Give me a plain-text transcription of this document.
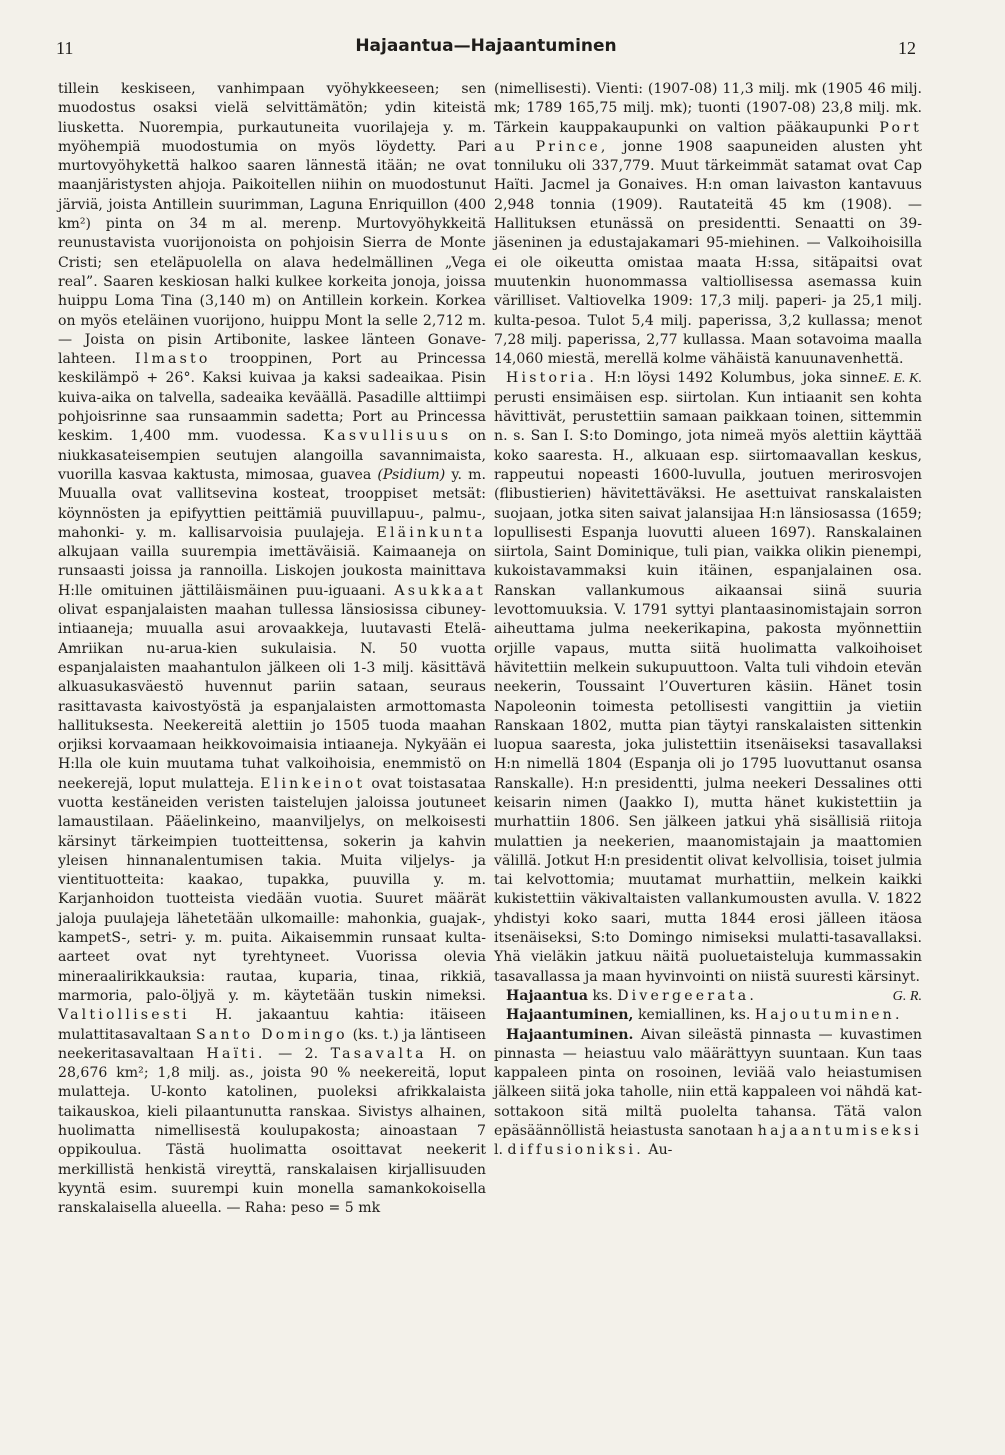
11	Hajaantua—Hajaantuminen	12

tillein keskiseen, vanhimpaan vyöhykkeeseen; sen muodostus osaksi vielä selvittämätön; ydin kiteistä liusketta. Nuorempia, purkautuneita vuorilajeja y. m. myöhempiä muodostumia on myös löydetty. Pari murtovyöhykettä halkoo saaren lännestä itään; ne ovat maanjäristysten ahjoja. Paikoitellen niihin on muodostunut järviä, joista Antillein suurimman, Laguna Enriquillon (400 km²) pinta on 34 m al. merenp. Murtovyöhykkeitä reunustavista vuorijonoista on pohjoisin Sierra de Monte Cristi; sen eteläpuolella on alava hedelmällinen „Vega real”. Saaren keskiosan halki kulkee korkeita jonoja, joissa huippu Loma Tina (3,140 m) on Antillein korkein. Korkea on myös eteläinen vuorijono, huippu Mont la selle 2,712 m. — Joista on pisin Artibonite, laskee länteen Gonave-lahteen. Ilmasto trooppinen, Port au Princessa keskilämpö + 26°. Kaksi kuivaa ja kaksi sadeaikaa. Pisin kuiva-aika on talvella, sadeaika keväällä. Pasadille alttiimpi pohjoisrinne saa runsaammin sadetta; Port au Princessa keskim. 1,400 mm. vuodessa. Kasvullisuus on niukkasateisempien seutujen alangoilla savannimaista, vuorilla kasvaa kaktusta, mimosaa, guavea (Psidium) y. m. Muualla ovat vallitsevina kosteat, trooppiset metsät: köynnösten ja epifyyttien peittämiä puuvillapuu-, palmu-, mahonki- y. m. kallisarvoisia puulajeja. Eläinkunta alkujaan vailla suurempia imettäväisiä. Kaimaaneja on runsaasti joissa ja rannoilla. Liskojen joukosta mainittava H:lle omituinen jättiläismäinen puu-iguaani. Asukkaat olivat espanjalaisten maahan tullessa länsiosissa cibuney-intiaaneja; muualla asui arovaakkeja, luutavasti Etelä-Amriikan nu-arua-kien sukulaisia. N. 50 vuotta espanjalaisten maahantulon jälkeen oli 1-3 milj. käsittävä alkuasukasväestö huvennut pariin sataan, seuraus rasittavasta kaivostyöstä ja espanjalaisten armottomasta hallituksesta. Neekereitä alettiin jo 1505 tuoda maahan orjiksi korvaamaan heikkovoimaisia intiaaneja. Nykyään ei H:lla ole kuin muutama tuhat valkoihoisia, enemmistö on neekerejä, loput mulatteja. Elinkeinot ovat toistasataa vuotta kestäneiden veristen taistelujen jaloissa joutuneet lamaustilaan. Pääelinkeino, maanviljelys, on melkoisesti kärsinyt tärkeimpien tuotteittensa, sokerin ja kahvin yleisen hinnanalentumisen takia. Muita viljelys- ja vientituotteita: kaakao, tupakka, puuvilla y. m. Karjanhoidon tuotteista viedään vuotia. Suuret määrät jaloja puulajeja lähetetään ulkomaille: mahonkia, guajak-, kampetS-, setri- y. m. puita. Aikaisemmin runsaat kulta-aarteet ovat nyt tyrehtyneet. Vuorissa olevia mineraalirikkauksia: rautaa, kuparia, tinaa, rikkiä, marmoria, palo-öljyä y. m. käytetään tuskin nimeksi. Valtiollisesti H. jakaantuu kahtia: itäiseen mulattitasavaltaan Santo Domingo (ks. t.) ja läntiseen neekeritasavaltaan Haïti. — 2. Tasavalta H. on 28,676 km²; 1,8 milj. as., joista 90 % neekereitä, loput mulatteja. U-konto katolinen, puoleksi afrikkalaista taikauskoa, kieli pilaantunutta ranskaa. Sivistys alhainen, huolimatta nimellisestä koulupakosta; ainoastaan 7 oppikoulua. Tästä huolimatta osoittavat neekerit merkillistä henkistä vireyttä, ranskalaisen kirjallisuuden kyyntä esim. suurempi kuin monella samankokoisella ranskalaisella alueella. — Raha: peso = 5 mk

(nimellisesti). Vienti: (1907-08) 11,3 milj. mk (1905 46 milj. mk; 1789 165,75 milj. mk); tuonti (1907-08) 23,8 milj. mk. Tärkein kauppakaupunki on valtion pääkaupunki Port au Prince, jonne 1908 saapuneiden alusten yht tonniluku oli 337,779. Muut tärkeimmät satamat ovat Cap Haïti. Jacmel ja Gonaives. H:n oman laivaston kantavuus 2,948 tonnia (1909). Rautateitä 45 km (1908). — Hallituksen etunässä on presidentti. Senaatti on 39-jäseninen ja edustajakamari 95-miehinen. — Valkoihoisilla ei ole oikeutta omistaa maata H:ssa, sitäpaitsi ovat muutenkin huonommassa valtiollisessa asemassa kuin värilliset. Valtiovelka 1909: 17,3 milj. paperi- ja 25,1 milj. kulta-pesoa. Tulot 5,4 milj. paperissa, 3,2 kullassa; menot 7,28 milj. paperissa, 2,77 kullassa. Maan sotavoima maalla 14,060 miestä, merellä kolme vähäistä kanuunavenhettä.
E. E. K.

Historia. H:n löysi 1492 Kolumbus, joka sinne perusti ensimäisen esp. siirtolan. Kun intiaanit sen kohta hävittivät, perustettiin samaan paikkaan toinen, sittemmin n. s. San I. S:to Domingo, jota nimeä myös alettiin käyttää koko saaresta. H., alkuaan esp. siirtomaavallan keskus, rappeutui nopeasti 1600-luvulla, joutuen merirosvojen (flibustierien) hävitettäväksi. He asettuivat ranskalaisten suojaan, jotka siten saivat jalansijaa H:n länsiosassa (1659; lopullisesti Espanja luovutti alueen 1697). Ranskalainen siirtola, Saint Dominique, tuli pian, vaikka olikin pienempi, kukoistavammaksi kuin itäinen, espanjalainen osa. Ranskan vallankumous aikaansai siinä suuria levottomuuksia. V. 1791 syttyi plantaasinomistajain sorron aiheuttama julma neekerikapina, pakosta myönnettiin orjille vapaus, mutta siitä huolimatta valkoihoiset hävitettiin melkein sukupuuttoon. Valta tuli vihdoin etevän neekerin, Toussaint l’Ouverturen käsiin. Hänet tosin Napoleonin toimesta petollisesti vangittiin ja vietiin Ranskaan 1802, mutta pian täytyi ranskalaisten sittenkin luopua saaresta, joka julistettiin itsenäiseksi tasavallaksi H:n nimellä 1804 (Espanja oli jo 1795 luovuttanut osansa Ranskalle). H:n presidentti, julma neekeri Dessalines otti keisarin nimen (Jaakko I), mutta hänet kukistettiin ja murhattiin 1806. Sen jälkeen jatkui yhä sisällisiä riitoja mulattien ja neekerien, maanomistajain ja maattomien välillä. Jotkut H:n presidentit olivat kelvollisia, toiset julmia tai kelvottomia; muutamat murhattiin, melkein kaikki kukistettiin väkivaltaisten vallankumousten avulla. V. 1822 yhdistyi koko saari, mutta 1844 erosi jälleen itäosa itsenäiseksi, S:to Domingo nimiseksi mulatti-tasavallaksi. Yhä vieläkin jatkuu näitä puoluetaisteluja kummassakin tasavallassa ja maan hyvinvointi on niistä suuresti kärsinyt.
G. R.

Hajaantua ks. Divergeerata.

Hajaantuminen, kemiallinen, ks. Hajoutuminen.

Hajaantuminen. Aivan sileästä pinnasta — kuvastimen pinnasta — heiastuu valo määrättyyn suuntaan. Kun taas kappaleen pinta on rosoinen, leviää valo heiastumisen jälkeen siitä joka taholle, niin että kappaleen voi nähdä kat-sottakoon sitä miltä puolelta tahansa. Tätä valon epäsäännöllistä heiastusta sanotaan hajaantumiseksi l. diffusioniksi. Au-
